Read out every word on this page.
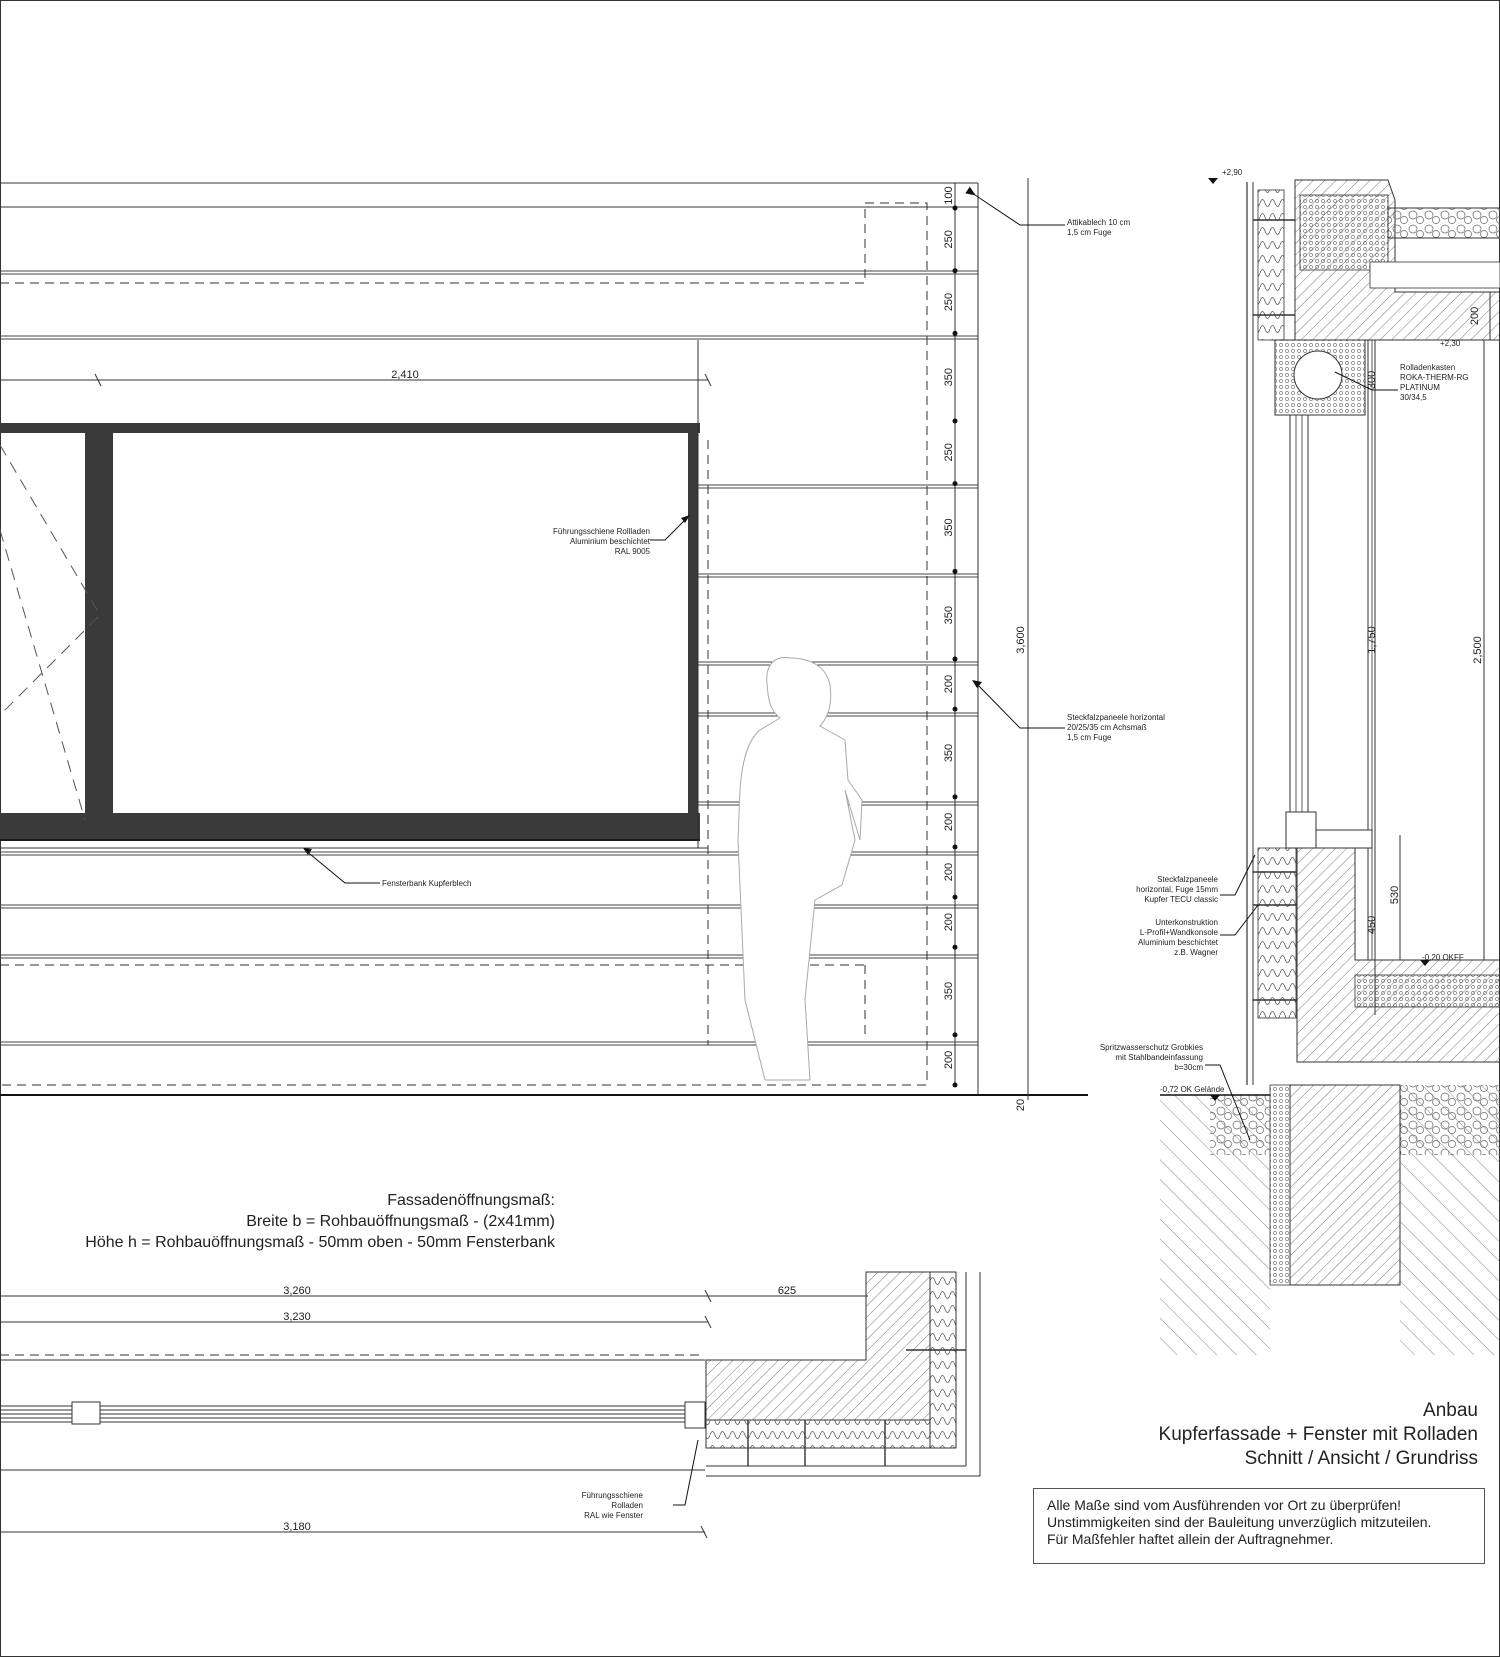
100
250
250
350
250
350
350
200
350
200
200
200
350
200
3,600
20
2,410
Attikablech 10 cm
1,5 cm Fuge
Führungsschiene Rollladen
Aluminium beschichtet
RAL 9005
Steckfalzpaneele horizontal
20/25/35 cm Achsmaß
1,5 cm Fuge
Fensterbank Kupferblech
Fassadenöffnungsmaß:
Breite b = Rohbauöffnungsmaß - (2x41mm)
Höhe h = Rohbauöffnungsmaß - 50mm oben - 50mm Fensterbank
3,260	625
3,230
3,180
Führungsschiene
Rolladen
RAL wie Fenster
+2,90
+2,30
-0,20 OKFF
-0,72 OK Gelände
200
300
1,750
450
530
2,500
Rolladenkasten
ROKA-THERM-RG
PLATINUM
30/34,5
Steckfalzpaneele
horizontal, Fuge 15mm
Kupfer TECU classic
Unterkonstruktion
L-Profil+Wandkonsole
Aluminium beschichtet
z.B. Wagner
Spritzwasserschutz Grobkies
mit Stahlbandeinfassung
b=30cm
Anbau
Kupferfassade + Fenster mit Rolladen
Schnitt / Ansicht / Grundriss
Alle Maße sind vom Ausführenden vor Ort zu überprüfen!
Unstimmigkeiten sind der Bauleitung unverzüglich mitzuteilen.
Für Maßfehler haftet allein der Auftragnehmer.
